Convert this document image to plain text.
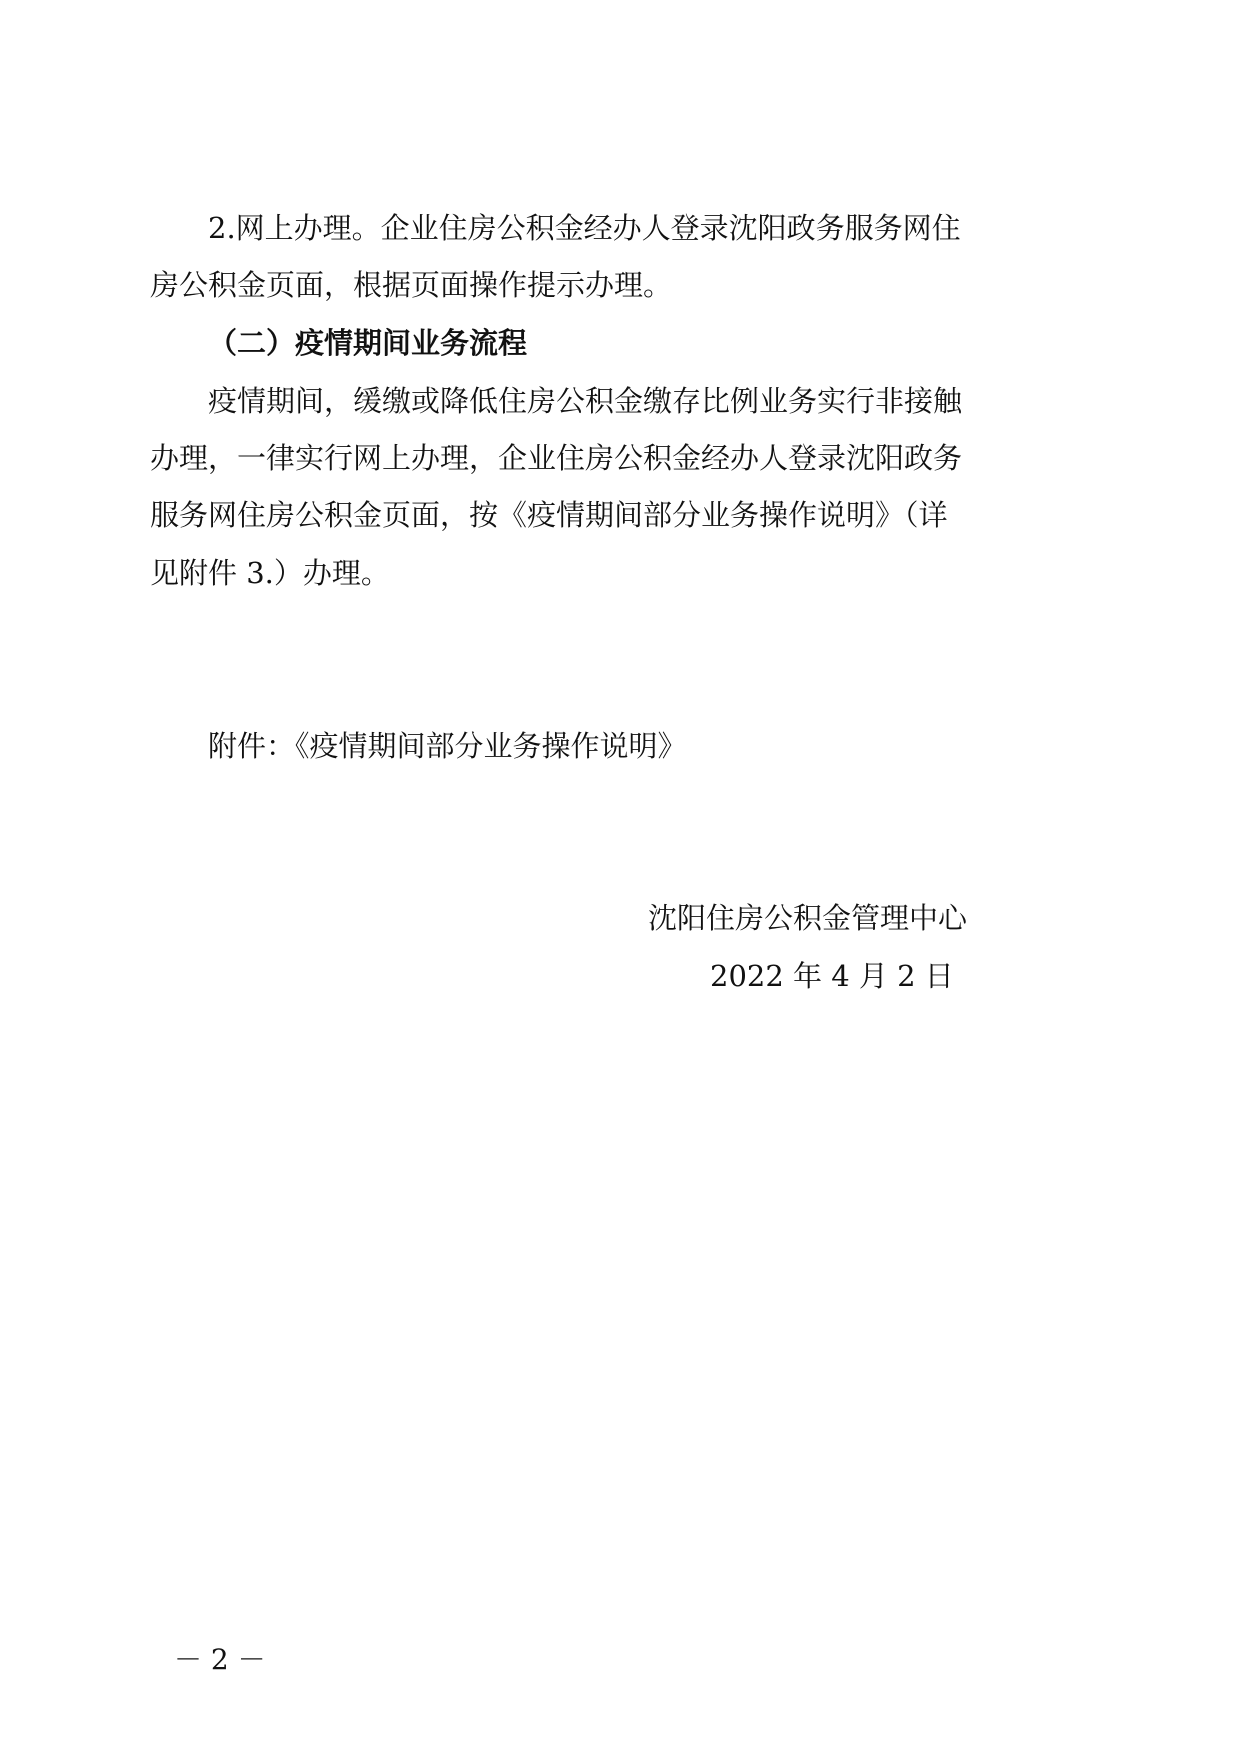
2.网上办理。企业住房公积金经办人登录沈阳政务服务网住

房公积金页面，根据页面操作提示办理。

（二）疫情期间业务流程

疫情期间，缓缴或降低住房公积金缴存比例业务实行非接触

办理，一律实行网上办理，企业住房公积金经办人登录沈阳政务

服务网住房公积金页面，按《疫情期间部分业务操作说明》（详

见附件 3.）办理。

附件：《疫情期间部分业务操作说明》

沈阳住房公积金管理中心

2022 年 4 月 2 日

－ 2 －
